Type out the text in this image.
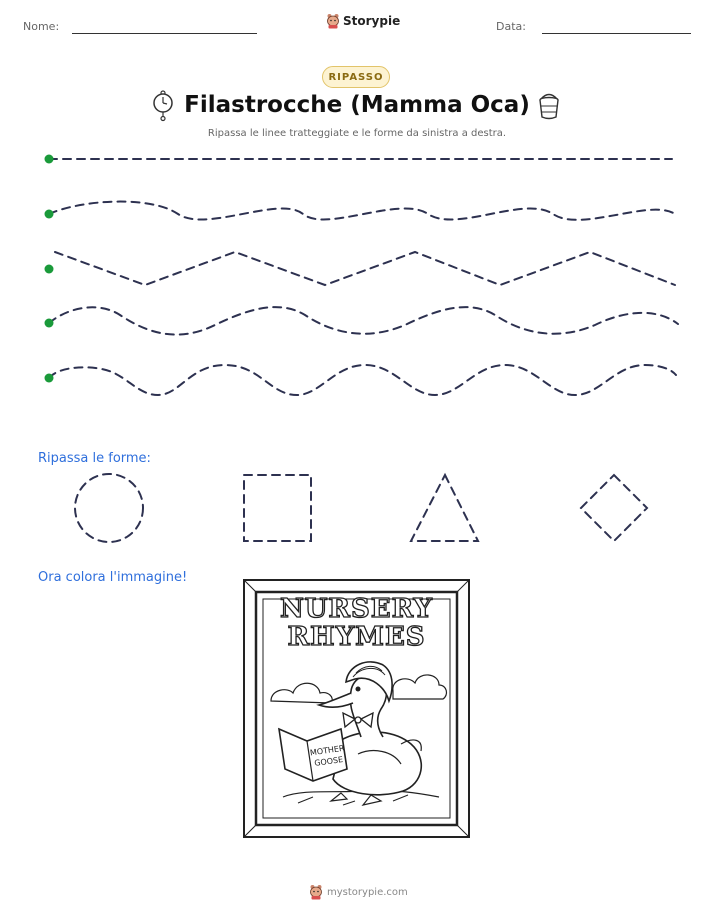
Nome:	Storypie	Data:
RIPASSO
Filastrocche (Mamma Oca)
Ripassa le linee tratteggiate e le forme da sinistra a destra.
Ripassa le forme:
Ora colora l'immagine!
NURSERY
RHYMES
MOTHER
GOOSE
mystorypie.com
